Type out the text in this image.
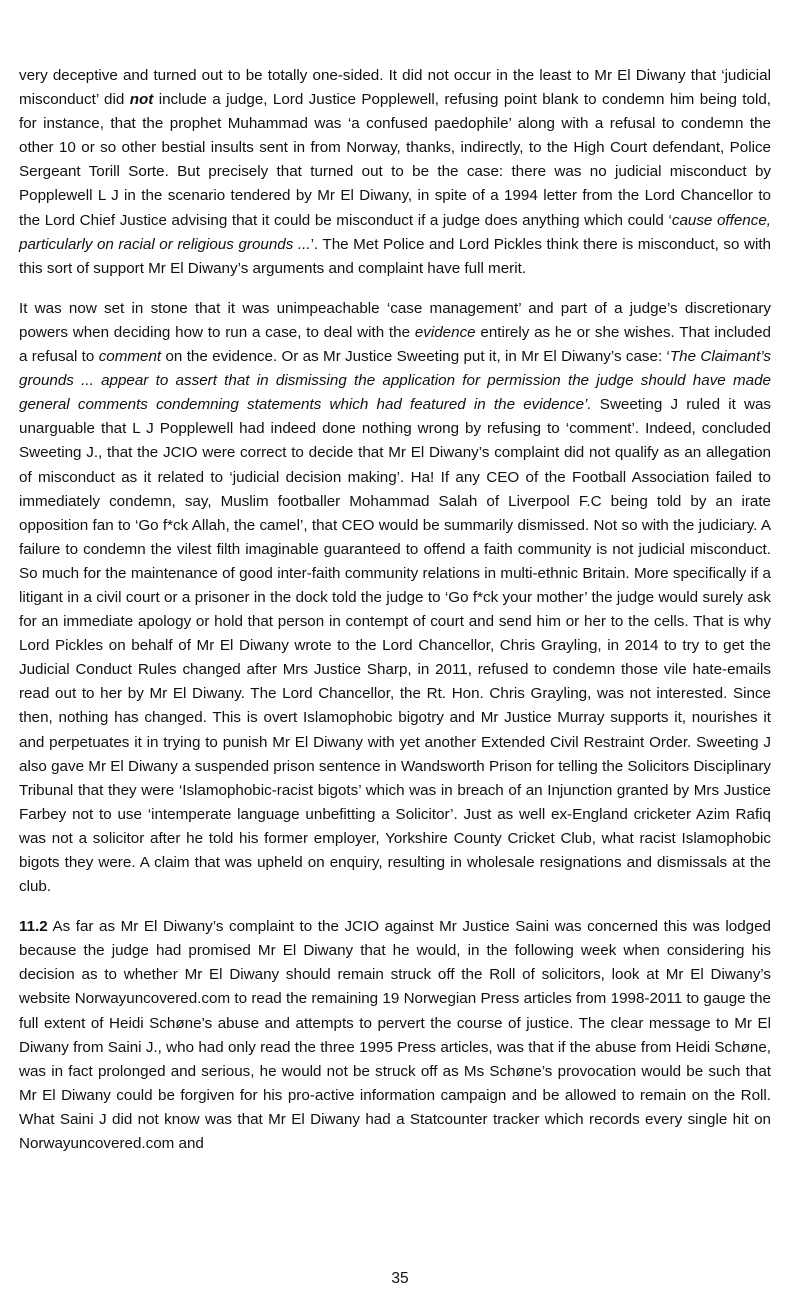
very deceptive and turned out to be totally one-sided. It did not occur in the least to Mr El Diwany that ‘judicial misconduct’ did not include a judge, Lord Justice Popplewell, refusing point blank to condemn him being told, for instance, that the prophet Muhammad was ‘a confused paedophile’ along with a refusal to condemn the other 10 or so other bestial insults sent in from Norway, thanks, indirectly, to the High Court defendant, Police Sergeant Torill Sorte. But precisely that turned out to be the case: there was no judicial misconduct by Popplewell L J in the scenario tendered by Mr El Diwany, in spite of a 1994 letter from the Lord Chancellor to the Lord Chief Justice advising that it could be misconduct if a judge does anything which could ‘cause offence, particularly on racial or religious grounds ...’. The Met Police and Lord Pickles think there is misconduct, so with this sort of support Mr El Diwany’s arguments and complaint have full merit.

It was now set in stone that it was unimpeachable ‘case management’ and part of a judge’s discretionary powers when deciding how to run a case, to deal with the evidence entirely as he or she wishes. That included a refusal to comment on the evidence. Or as Mr Justice Sweeting put it, in Mr El Diwany’s case: ‘The Claimant’s grounds ... appear to assert that in dismissing the application for permission the judge should have made general comments condemning statements which had featured in the evidence’. Sweeting J ruled it was unarguable that L J Popplewell had indeed done nothing wrong by refusing to ‘comment’. Indeed, concluded Sweeting J., that the JCIO were correct to decide that Mr El Diwany’s complaint did not qualify as an allegation of misconduct as it related to ‘judicial decision making’. Ha! If any CEO of the Football Association failed to immediately condemn, say, Muslim footballer Mohammad Salah of Liverpool F.C being told by an irate opposition fan to ‘Go f*ck Allah, the camel’, that CEO would be summarily dismissed. Not so with the judiciary. A failure to condemn the vilest filth imaginable guaranteed to offend a faith community is not judicial misconduct. So much for the maintenance of good inter-faith community relations in multi-ethnic Britain. More specifically if a litigant in a civil court or a prisoner in the dock told the judge to ‘Go f*ck your mother’ the judge would surely ask for an immediate apology or hold that person in contempt of court and send him or her to the cells. That is why Lord Pickles on behalf of Mr El Diwany wrote to the Lord Chancellor, Chris Grayling, in 2014 to try to get the Judicial Conduct Rules changed after Mrs Justice Sharp, in 2011, refused to condemn those vile hate-emails read out to her by Mr El Diwany. The Lord Chancellor, the Rt. Hon. Chris Grayling, was not interested. Since then, nothing has changed. This is overt Islamophobic bigotry and Mr Justice Murray supports it, nourishes it and perpetuates it in trying to punish Mr El Diwany with yet another Extended Civil Restraint Order. Sweeting J also gave Mr El Diwany a suspended prison sentence in Wandsworth Prison for telling the Solicitors Disciplinary Tribunal that they were ‘Islamophobic-racist bigots’ which was in breach of an Injunction granted by Mrs Justice Farbey not to use ‘intemperate language unbefitting a Solicitor’. Just as well ex-England cricketer Azim Rafiq was not a solicitor after he told his former employer, Yorkshire County Cricket Club, what racist Islamophobic bigots they were. A claim that was upheld on enquiry, resulting in wholesale resignations and dismissals at the club.

11.2 As far as Mr El Diwany’s complaint to the JCIO against Mr Justice Saini was concerned this was lodged because the judge had promised Mr El Diwany that he would, in the following week when considering his decision as to whether Mr El Diwany should remain struck off the Roll of solicitors, look at Mr El Diwany’s website Norwayuncovered.com to read the remaining 19 Norwegian Press articles from 1998-2011 to gauge the full extent of Heidi Schøne’s abuse and attempts to pervert the course of justice. The clear message to Mr El Diwany from Saini J., who had only read the three 1995 Press articles, was that if the abuse from Heidi Schøne, was in fact prolonged and serious, he would not be struck off as Ms Schøne’s provocation would be such that Mr El Diwany could be forgiven for his pro-active information campaign and be allowed to remain on the Roll. What Saini J did not know was that Mr El Diwany had a Statcounter tracker which records every single hit on Norwayuncovered.com and

35
